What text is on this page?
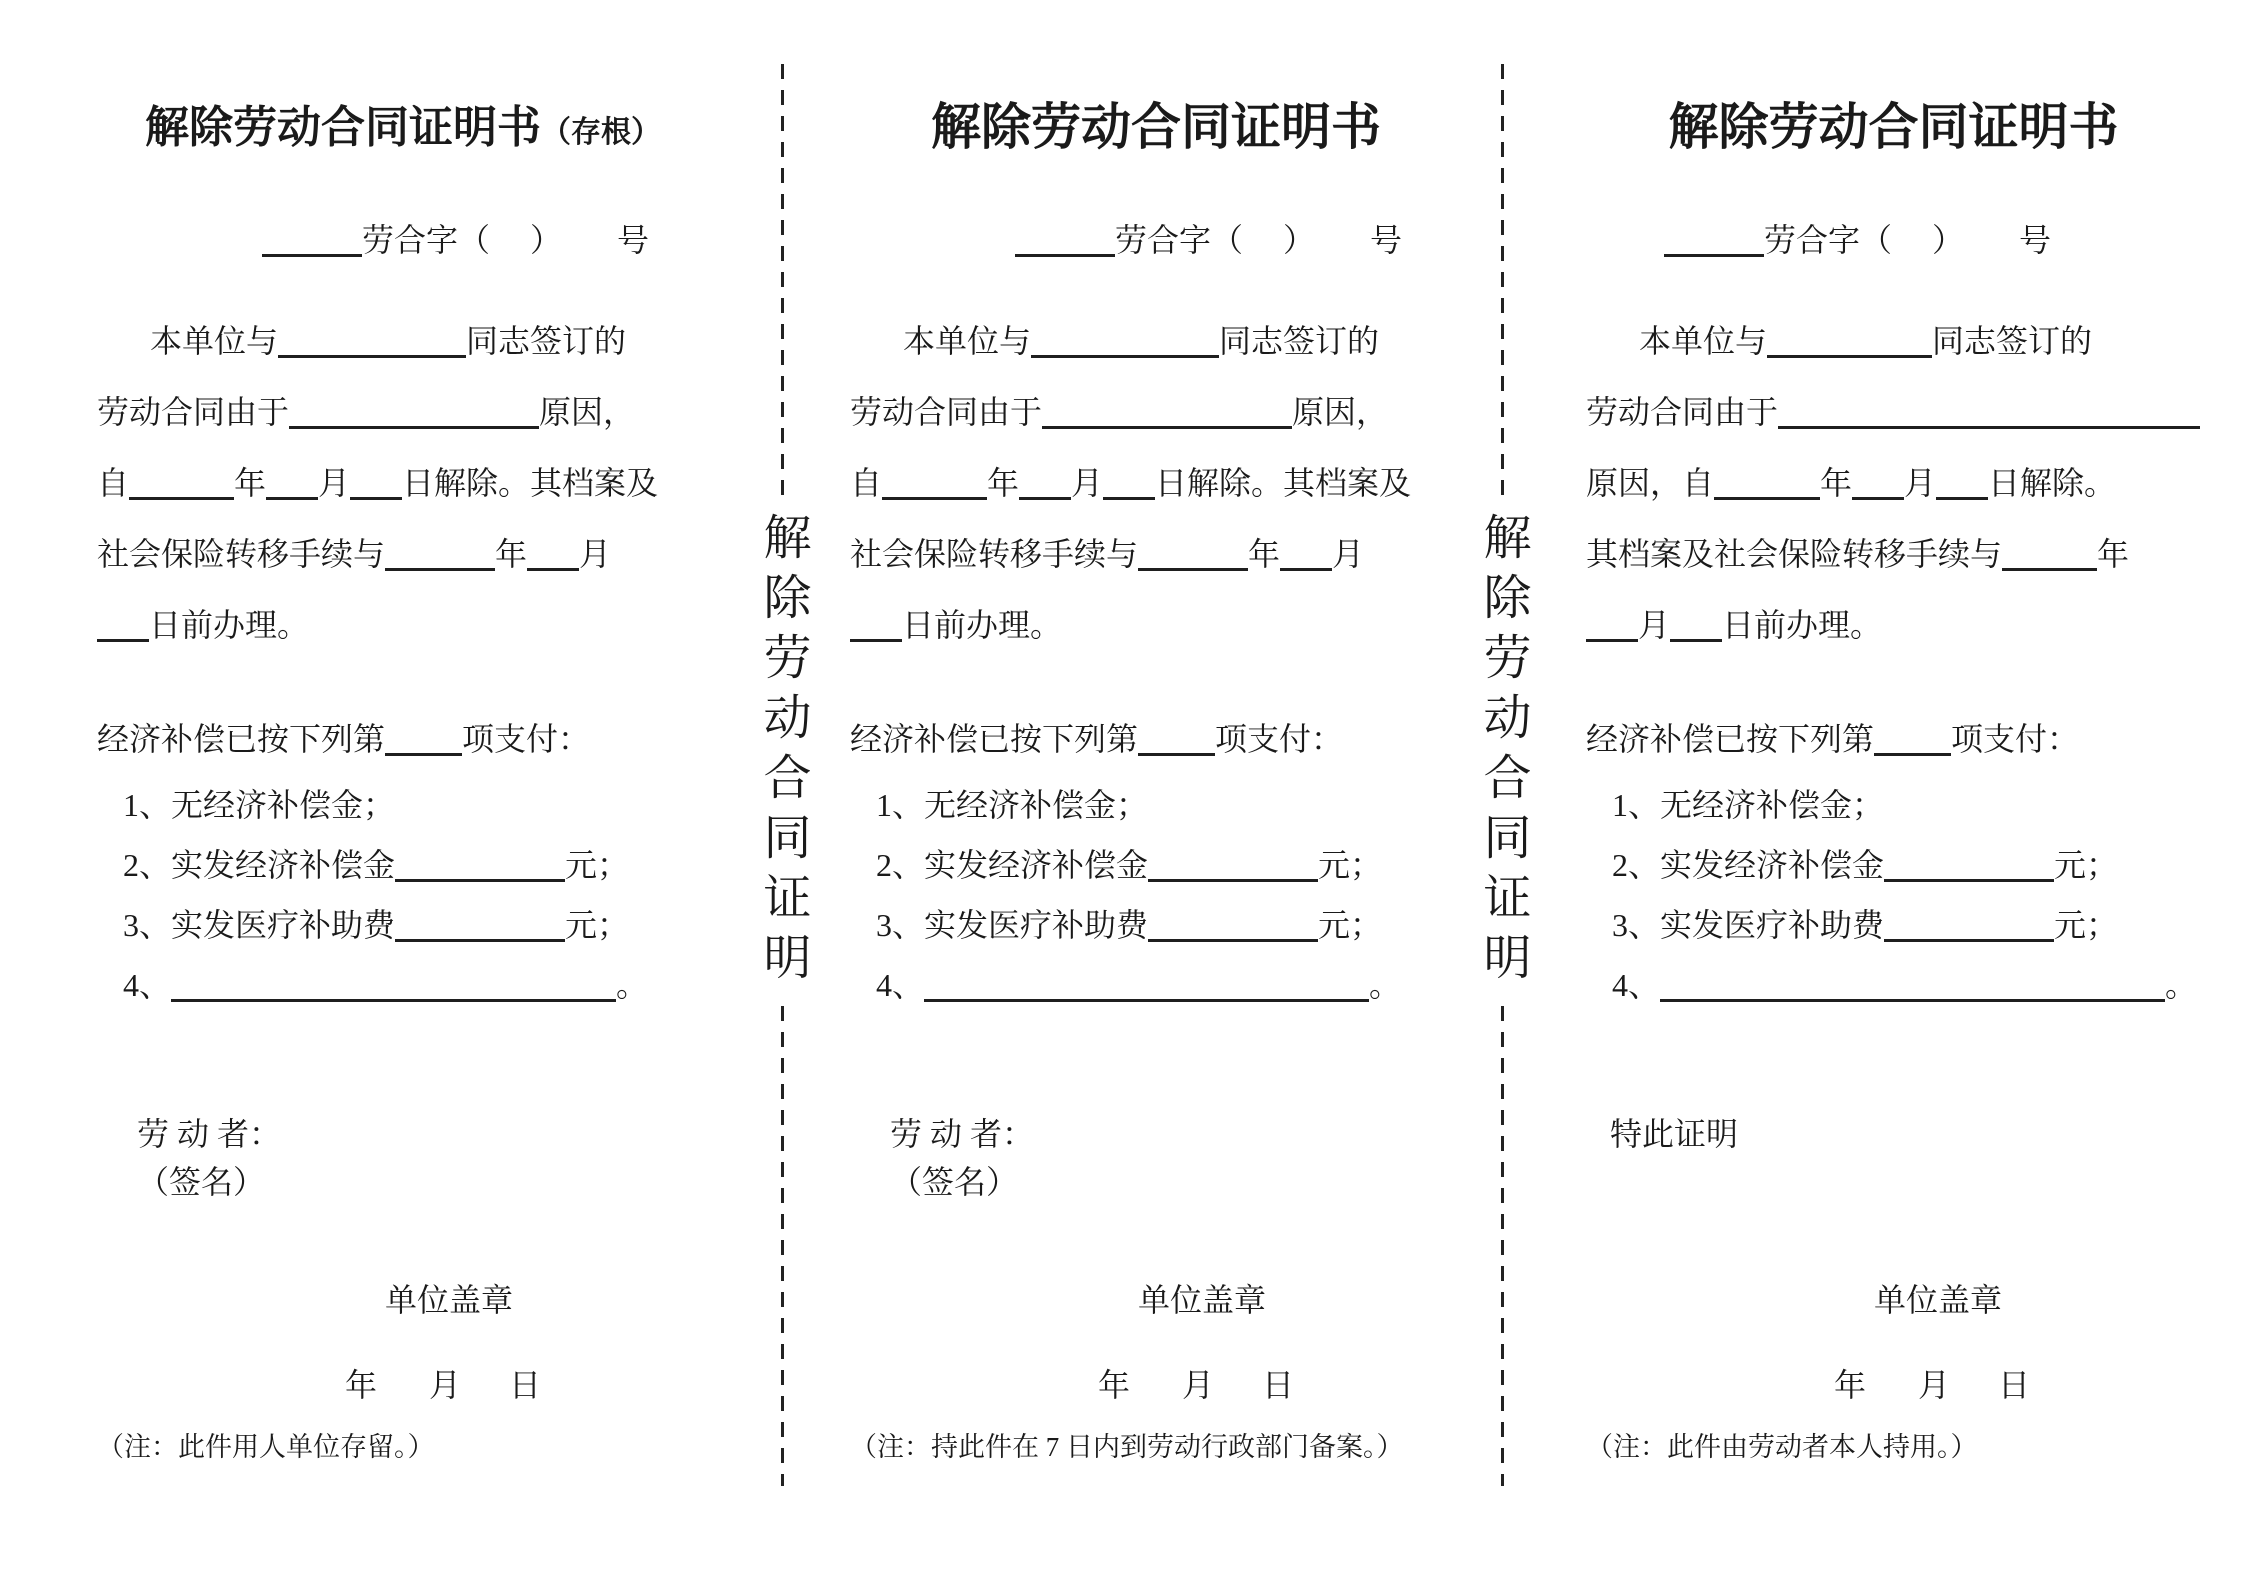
解除劳动合同证明书（存根）
劳合字（ ） 号
本单位与	同志签订的
劳动合同由于	原因，
自	年 月 日解除。其档案及
社会保险转移手续与	年 月
日前办理。
经济补偿已按下列第 项支付：
1、无经济补偿金；
2、实发经济补偿金	元；
3、实发医疗补助费	元；
4、	。
劳 动 者：
（签名）
单位盖章
年 月 日
（注：此件用人单位存留。）
解除劳动合同证明
解除劳动合同证明书
劳合字（ ） 号
本单位与	同志签订的
劳动合同由于	原因，
自	年 月 日解除。其档案及
社会保险转移手续与	年 月
日前办理。
经济补偿已按下列第 项支付：
1、无经济补偿金；
2、实发经济补偿金	元；
3、实发医疗补助费	元；
4、	。
劳 动 者：
（签名）
单位盖章
年 月 日
（注：持此件在 7 日内到劳动行政部门备案。）
解除劳动合同证明
解除劳动合同证明书
劳合字（ ） 号
本单位与	同志签订的
劳动合同由于
原因，自	年 月 日解除。
其档案及社会保险转移手续与	年
月 日前办理。
经济补偿已按下列第 项支付：
1、无经济补偿金；
2、实发经济补偿金	元；
3、实发医疗补助费	元；
4、	。
特此证明
单位盖章
年 月 日
（注：此件由劳动者本人持用。）
